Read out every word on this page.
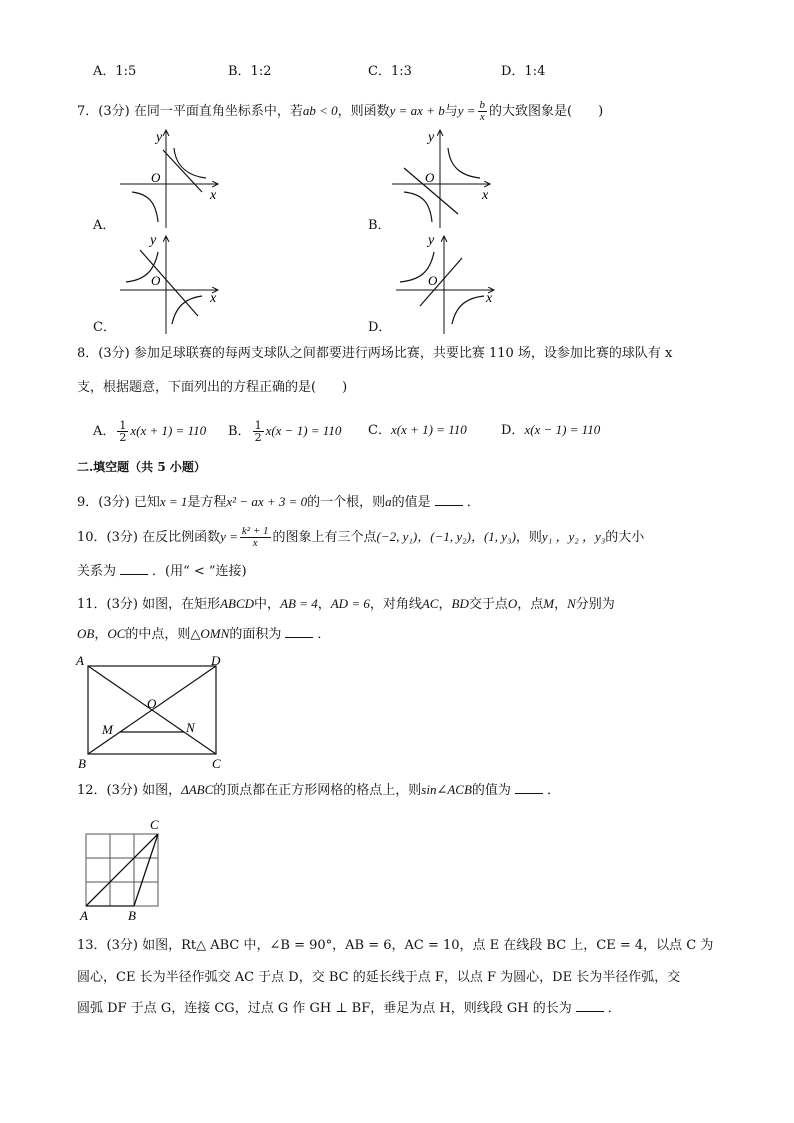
A．1:5	B．1:2	C．1:3	D．1:4
7．(3分) 在同一平面直角坐标系中，若ab < 0，则函数y = ax + b与$y = \frac{b}{x}$ 的大致图象是(　　)
y
x
O
y
x
O
y
x
O
y
x
O
A．	B．
C．	D．
8．(3分) 参加足球联赛的每两支球队之间都要进行两场比赛，共要比赛 110 场，设参加比赛的球队有 x
支，根据题意，下面列出的方程正确的是(　　)
A． $\frac{1}{2} x(x + 1) = 110$ B． $\frac{1}{2} x(x - 1) = 110$ C．x(x + 1) = 110	D．x(x − 1) = 110
二.填空题（共 5 小题）
9．(3分) 已知x = 1是方程x² − ax + 3 = 0的一个根，则a的值是	．
10．(3分) 在反比例函数$y = \frac{\text{k² + 1}}{x}$ 的图象上有三个点(−2, y₁)，(−1, y₂)，(1, y₃)，则y₁ ，y₂ ，y₃的大小
关系为	．(用“ < ”连接)
11．(3分) 如图，在矩形ABCD中，AB = 4，AD = 6，对角线AC，BD交于点O，点M，N分别为
OB，OC的中点，则△OMN的面积为	．
A	D
O
M	N
B	C
12．(3分) 如图，ΔABC的顶点都在正方形网格的格点上，则sin∠ACB的值为	．
C
A	B
13．(3分) 如图，Rt△ ABC 中，∠B = 90°，AB = 6，AC = 10，点 E 在线段 BC 上，CE = 4，以点 C 为
圆心，CE 长为半径作弧交 AC 于点 D，交 BC 的延长线于点 F，以点 F 为圆心，DE 长为半径作弧，交
圆弧 DF 于点 G，连接 CG，过点 G 作 GH ⊥ BF，垂足为点 H，则线段 GH 的长为	．
